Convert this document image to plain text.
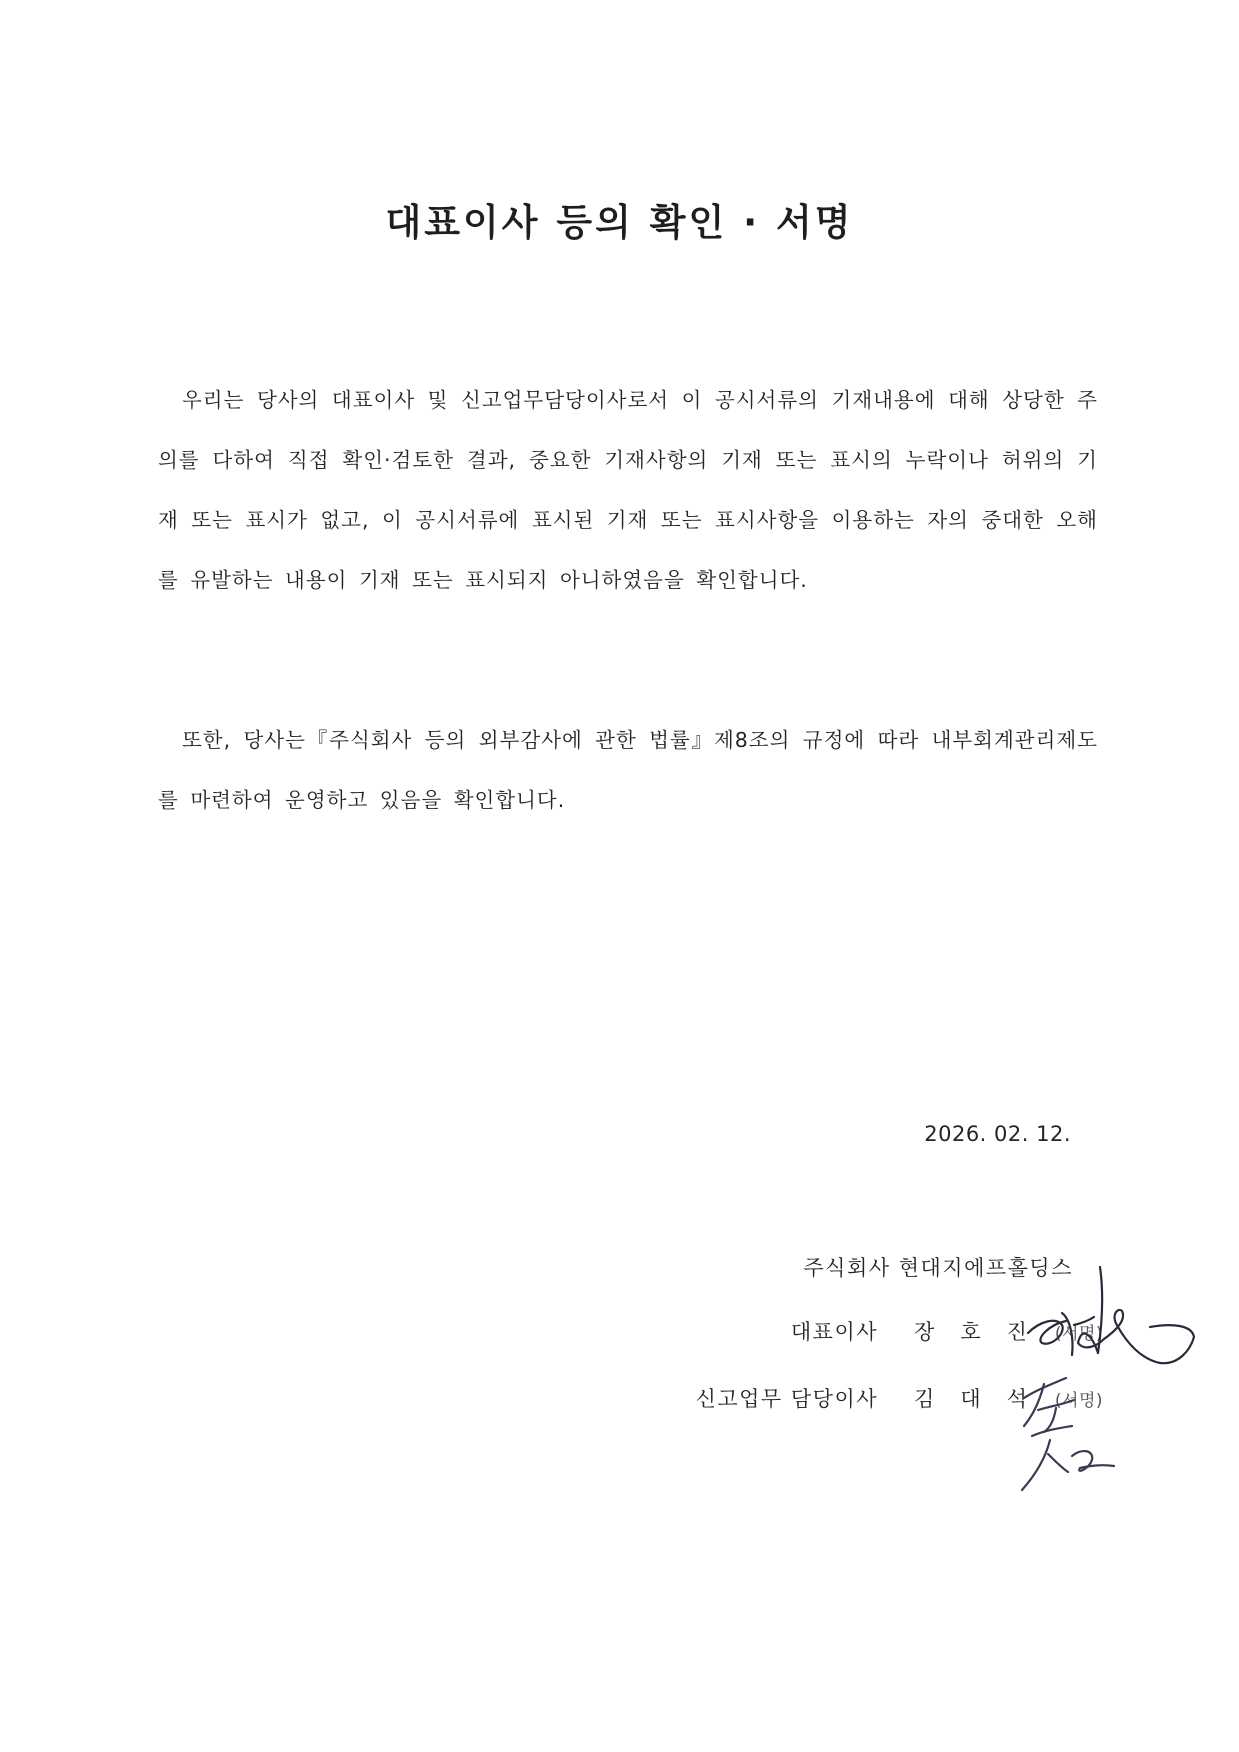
대표이사 등의 확인 · 서명
우리는 당사의 대표이사 및 신고업무담당이사로서 이 공시서류의 기재내용에 대해 상당한 주의를 다하여 직접 확인·검토한 결과, 중요한 기재사항의 기재 또는 표시의 누락이나 허위의 기재 또는 표시가 없고, 이 공시서류에 표시된 기재 또는 표시사항을 이용하는 자의 중대한 오해를 유발하는 내용이 기재 또는 표시되지 아니하였음을 확인합니다.
또한, 당사는『주식회사 등의 외부감사에 관한 법률』제8조의 규정에 따라 내부회계관리제도를 마련하여 운영하고 있음을 확인합니다.
2026. 02. 12.
주식회사 현대지에프홀딩스
대표이사 장호진 (서명)
신고업무 담당이사 김대석 (서명)
